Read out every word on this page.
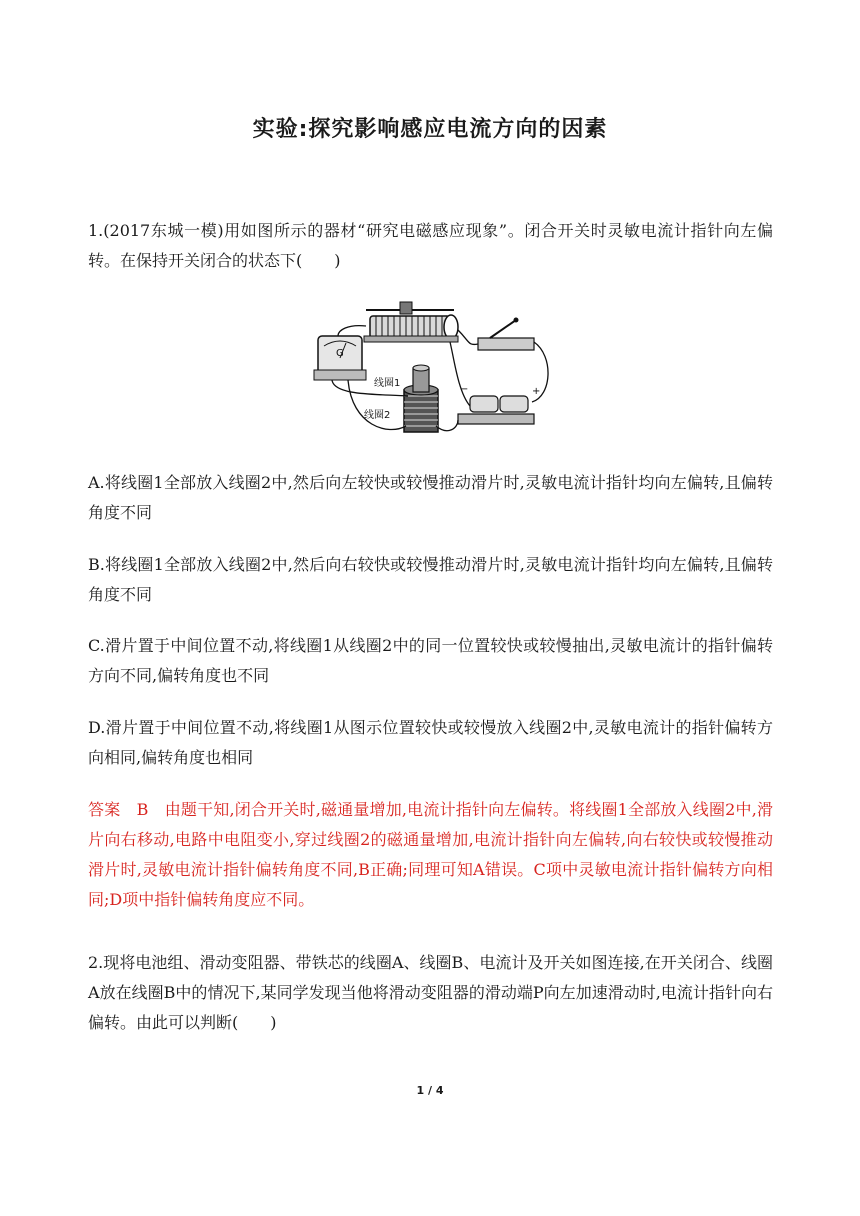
实验:探究影响感应电流方向的因素
1.(2017东城一模)用如图所示的器材“研究电磁感应现象”。闭合开关时灵敏电流计指针向左偏转。在保持开关闭合的状态下(　　)
G
线圈1
线圈2
−	+
A.将线圈1全部放入线圈2中,然后向左较快或较慢推动滑片时,灵敏电流计指针均向左偏转,且偏转角度不同
B.将线圈1全部放入线圈2中,然后向右较快或较慢推动滑片时,灵敏电流计指针均向左偏转,且偏转角度不同
C.滑片置于中间位置不动,将线圈1从线圈2中的同一位置较快或较慢抽出,灵敏电流计的指针偏转方向不同,偏转角度也不同
D.滑片置于中间位置不动,将线圈1从图示位置较快或较慢放入线圈2中,灵敏电流计的指针偏转方向相同,偏转角度也相同
答案　B　由题干知,闭合开关时,磁通量增加,电流计指针向左偏转。将线圈1全部放入线圈2中,滑片向右移动,电路中电阻变小,穿过线圈2的磁通量增加,电流计指针向左偏转,向右较快或较慢推动滑片时,灵敏电流计指针偏转角度不同,B正确;同理可知A错误。C项中灵敏电流计指针偏转方向相同;D项中指针偏转角度应不同。
2.现将电池组、滑动变阻器、带铁芯的线圈A、线圈B、电流计及开关如图连接,在开关闭合、线圈A放在线圈B中的情况下,某同学发现当他将滑动变阻器的滑动端P向左加速滑动时,电流计指针向右偏转。由此可以判断(　　)
1 / 4
